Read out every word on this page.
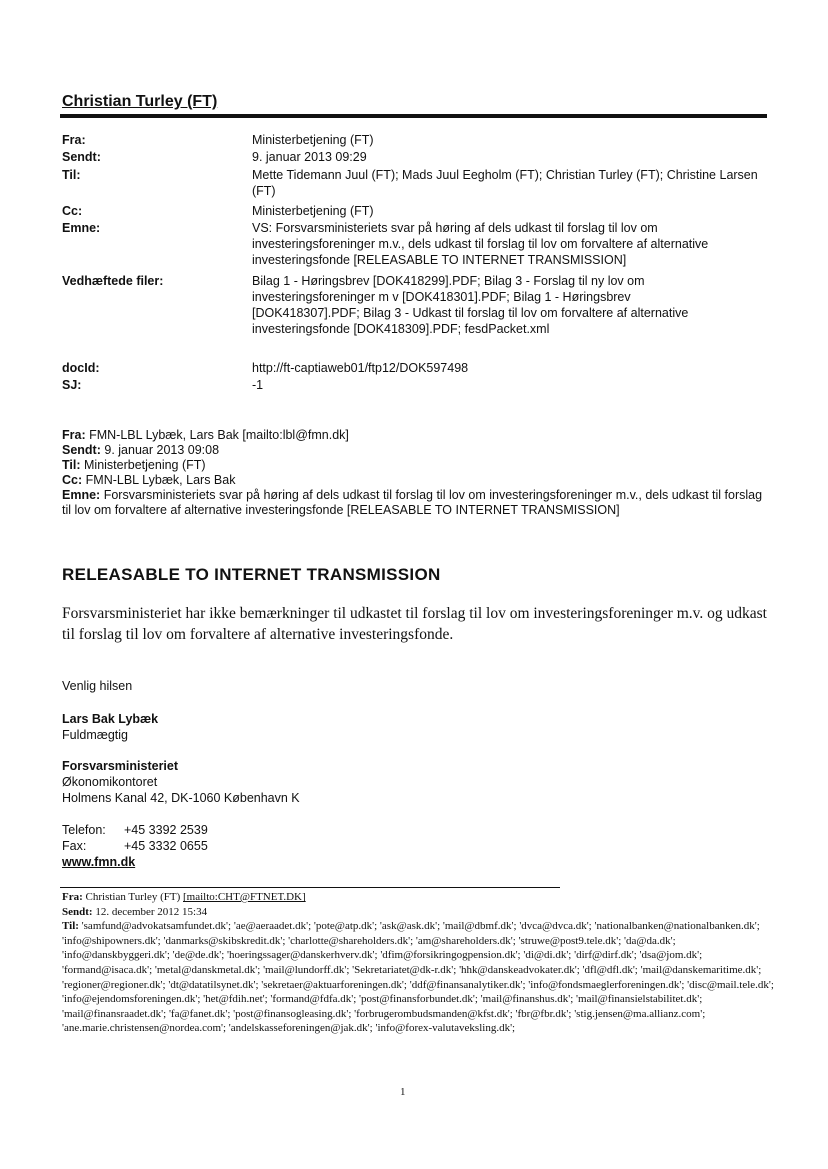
Christian Turley (FT)
Fra:	Ministerbetjening (FT)
Sendt:	9. januar 2013 09:29
Til:	Mette Tidemann Juul (FT); Mads Juul Eegholm (FT); Christian Turley (FT); Christine Larsen (FT)
Cc:	Ministerbetjening (FT)
Emne:	VS: Forsvarsministeriets svar på høring af dels udkast til forslag til lov om investeringsforeninger m.v., dels udkast til forslag til lov om forvaltere af alternative investeringsfonde [RELEASABLE TO INTERNET TRANSMISSION]
Vedhæftede filer:	Bilag 1 - Høringsbrev [DOK418299].PDF; Bilag 3 - Forslag til ny lov om investeringsforeninger m v [DOK418301].PDF; Bilag 1 - Høringsbrev [DOK418307].PDF; Bilag 3 - Udkast til forslag til lov om forvaltere af alternative investeringsfonde [DOK418309].PDF; fesdPacket.xml
docId:	http://ft-captiaweb01/ftp12/DOK597498
SJ:	-1
Fra: FMN-LBL Lybæk, Lars Bak [mailto:lbl@fmn.dk]
Sendt: 9. januar 2013 09:08
Til: Ministerbetjening (FT)
Cc: FMN-LBL Lybæk, Lars Bak
Emne: Forsvarsministeriets svar på høring af dels udkast til forslag til lov om investeringsforeninger m.v., dels udkast til forslag til lov om forvaltere af alternative investeringsfonde [RELEASABLE TO INTERNET TRANSMISSION]
RELEASABLE TO INTERNET TRANSMISSION
Forsvarsministeriet har ikke bemærkninger til udkastet til forslag til lov om investeringsforeninger m.v. og udkast til forslag til lov om forvaltere af alternative investeringsfonde.
Venlig hilsen
Lars Bak Lybæk
Fuldmægtig
Forsvarsministeriet
Økonomikontoret
Holmens Kanal 42, DK-1060 København K
Telefon: +45 3392 2539
Fax:	+45 3332 0655
www.fmn.dk
Fra: Christian Turley (FT) [mailto:CHT@FTNET.DK]
Sendt: 12. december 2012 15:34
Til: 'samfund@advokatsamfundet.dk'; 'ae@aeraadet.dk'; 'pote@atp.dk'; 'ask@ask.dk'; 'mail@dbmf.dk'; 'dvca@dvca.dk'; 'nationalbanken@nationalbanken.dk'; 'info@shipowners.dk'; 'danmarks@skibskredit.dk'; 'charlotte@shareholders.dk'; 'am@shareholders.dk'; 'struwe@post9.tele.dk'; 'da@da.dk'; 'info@danskbyggeri.dk'; 'de@de.dk'; 'hoeringssager@danskerhverv.dk'; 'dfim@forsikringogpension.dk'; 'di@di.dk'; 'dirf@dirf.dk'; 'dsa@jom.dk'; 'formand@isaca.dk'; 'metal@danskmetal.dk'; 'mail@lundorff.dk'; 'Sekretariatet@dk-r.dk'; 'hhk@danskeadvokater.dk'; 'dfl@dfl.dk'; 'mail@danskemaritime.dk'; 'regioner@regioner.dk'; 'dt@datatilsynet.dk'; 'sekretaer@aktuarforeningen.dk'; 'ddf@finansanalytiker.dk'; 'info@fondsmaeglerforeningen.dk'; 'disc@mail.tele.dk'; 'info@ejendomsforeningen.dk'; 'het@fdih.net'; 'formand@fdfa.dk'; 'post@finansforbundet.dk'; 'mail@finanshus.dk'; 'mail@finansielstabilitet.dk'; 'mail@finansraadet.dk'; 'fa@fanet.dk'; 'post@finansogleasing.dk'; 'forbrugerombudsmanden@kfst.dk'; 'fbr@fbr.dk'; 'stig.jensen@ma.allianz.com'; 'ane.marie.christensen@nordea.com'; 'andelskasseforeningen@jak.dk'; 'info@forex-valutaveksling.dk';
1
